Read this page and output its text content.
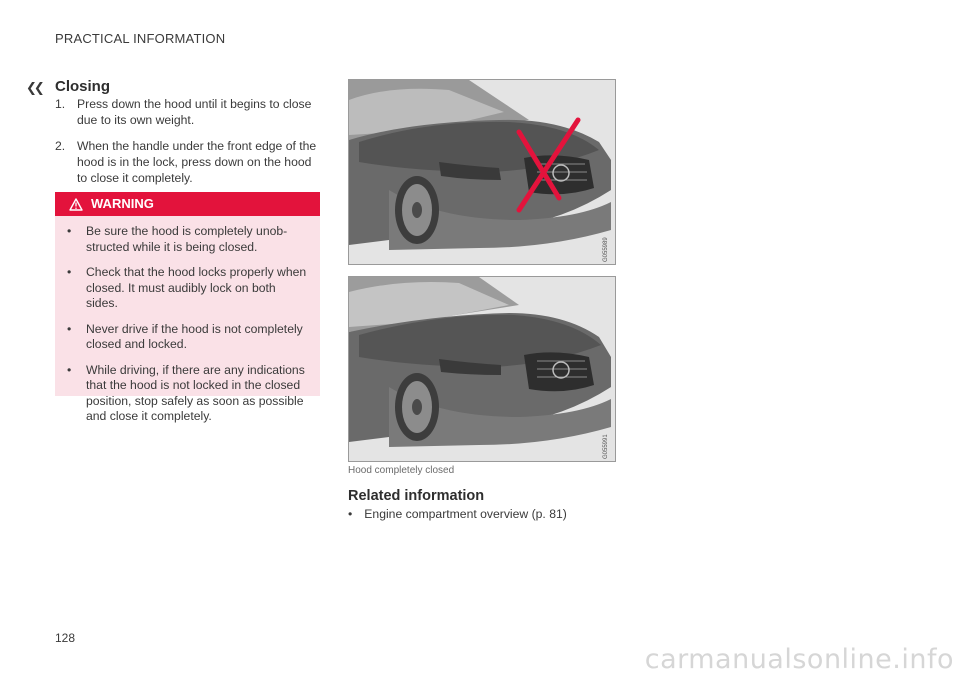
PRACTICAL INFORMATION
❮❮ Closing
1. Press down the hood until it begins to close due to its own weight.
2. When the handle under the front edge of the hood is in the lock, press down on the hood to close it completely.
WARNING
• Be sure the hood is completely unob-structed while it is being closed.
• Check that the hood locks properly when closed. It must audibly lock on both sides.
• Never drive if the hood is not completely closed and locked.
• While driving, if there are any indications that the hood is not locked in the closed position, stop safely as soon as possible and close it completely.
G055989
G055991
Hood completely closed
Related information
• Engine compartment overview (p. 81)
128
carmanualsonline.info
